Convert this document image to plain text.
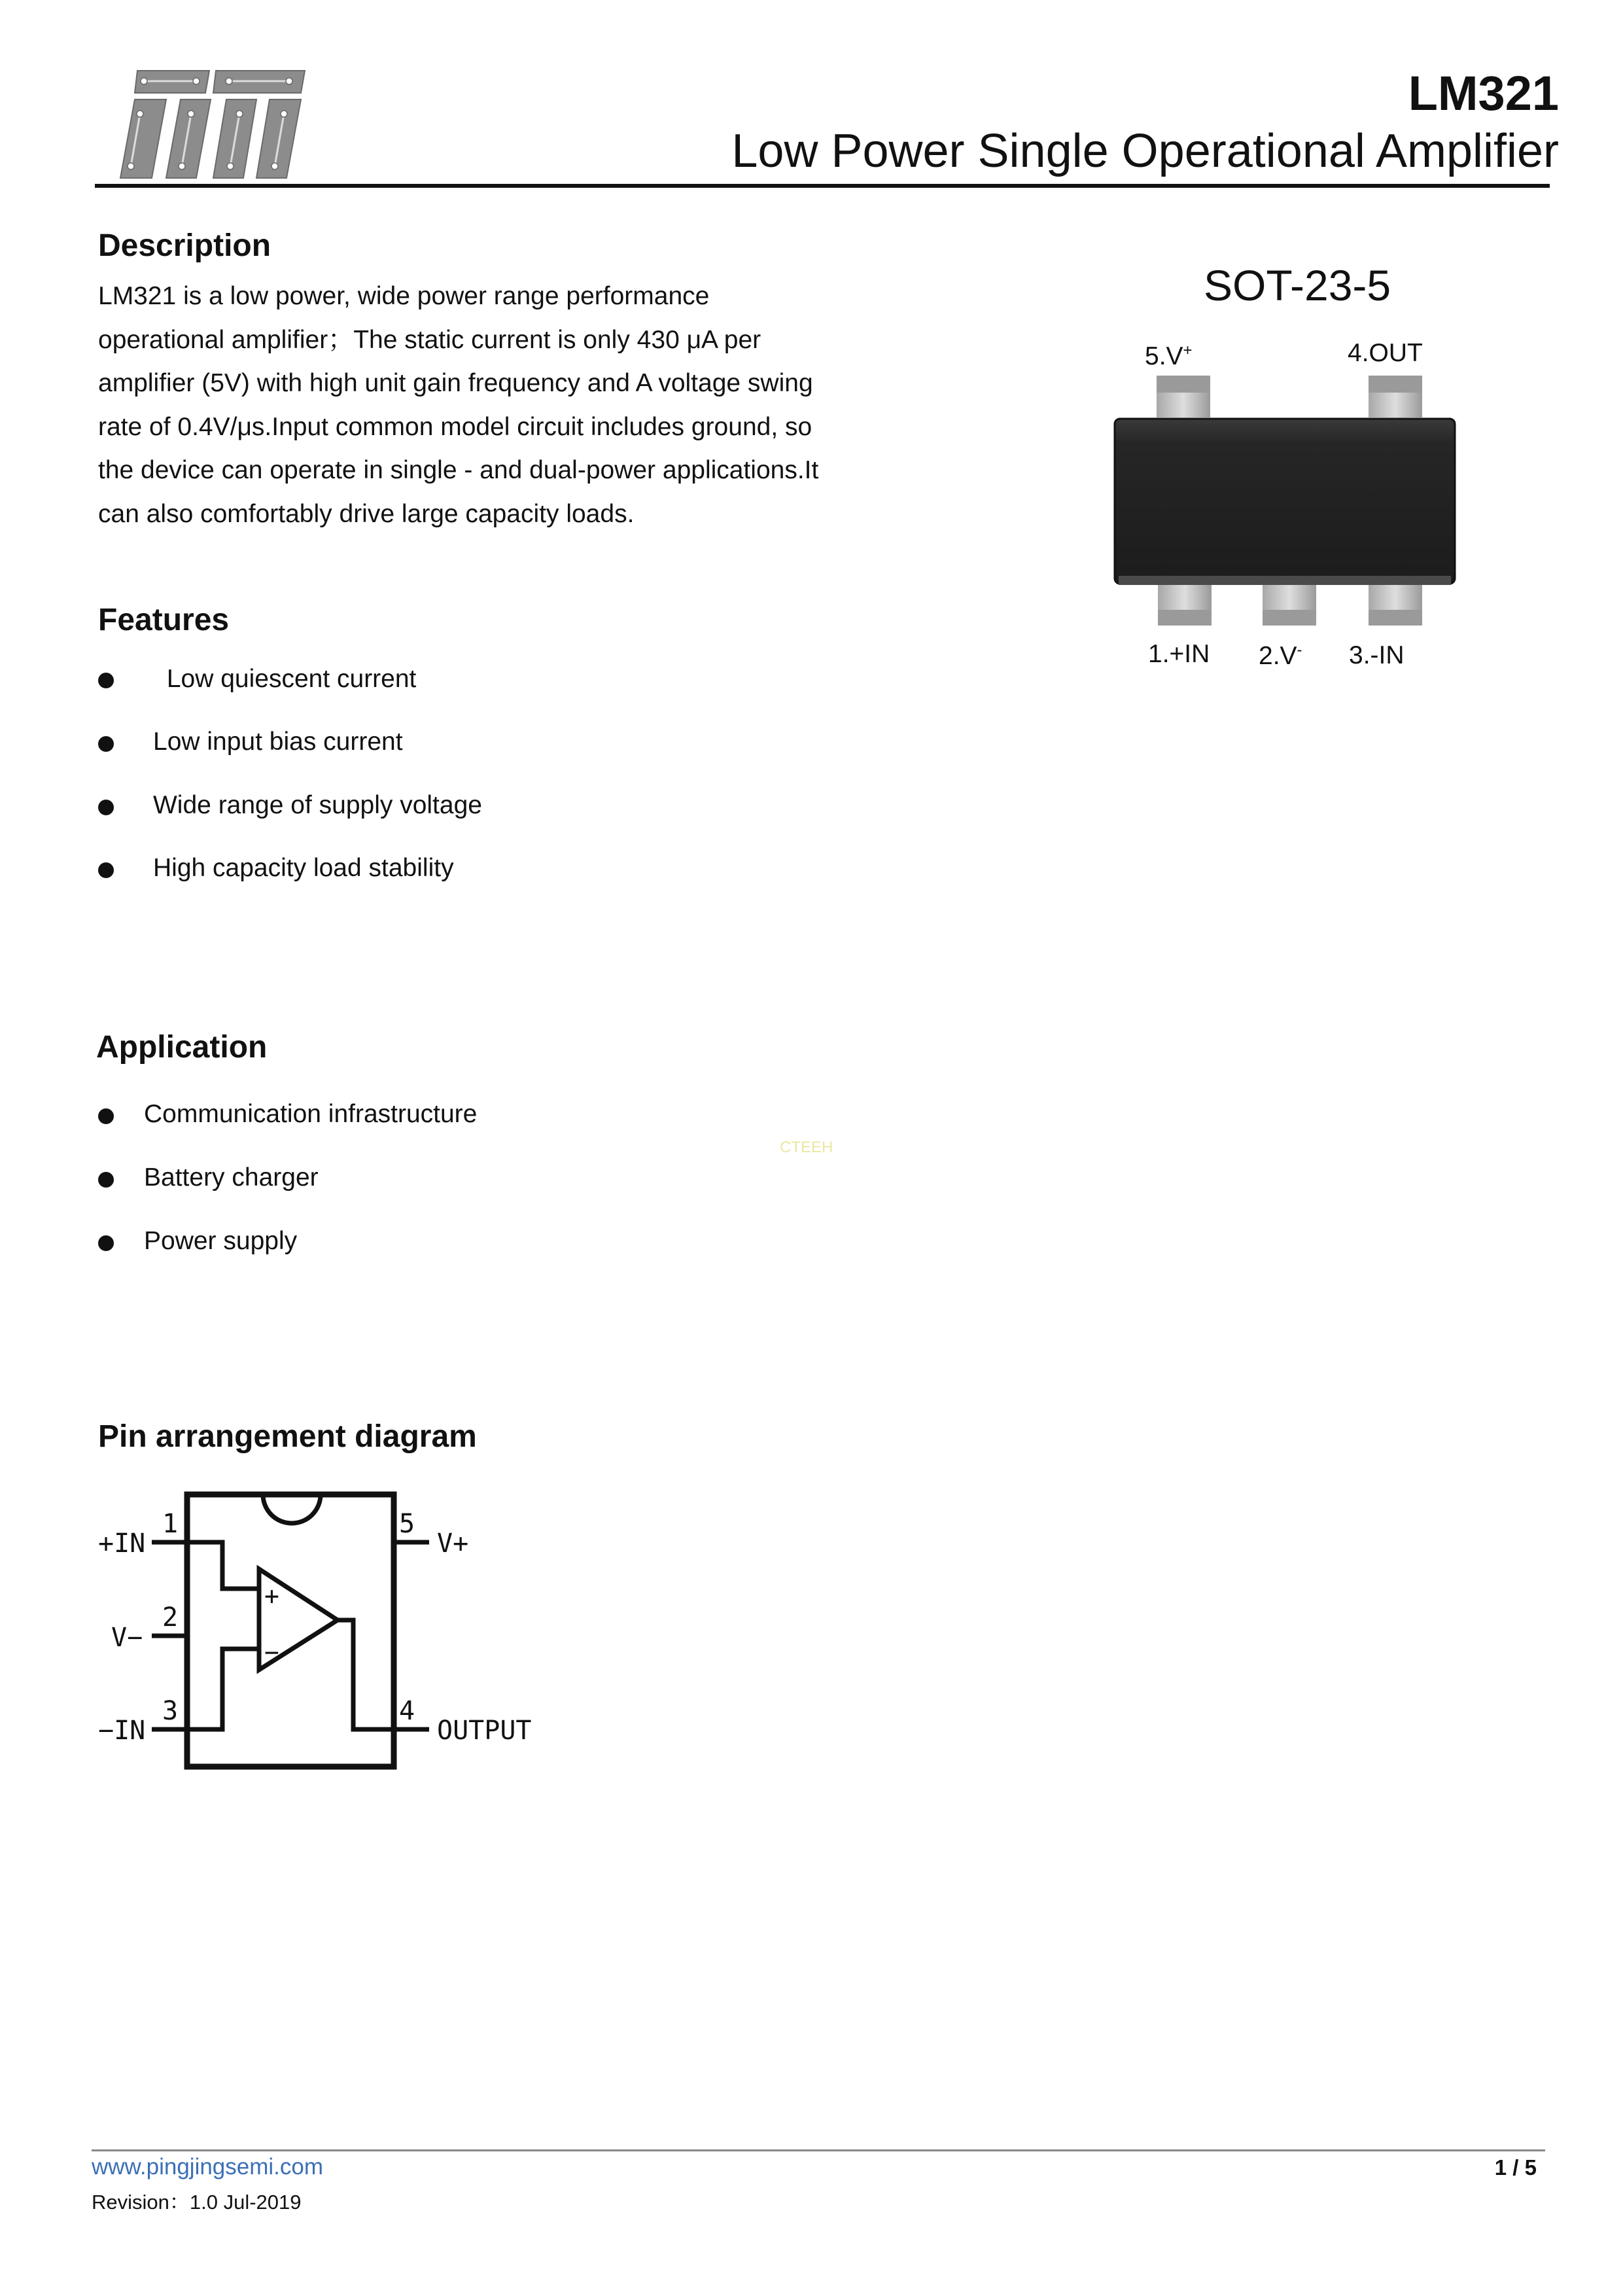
LM321
Low Power Single Operational Amplifier
Description
LM321 is a low power, wide power range performance
operational amplifier；The static current is only 430 μA per
amplifier (5V) with high unit gain frequency and A voltage swing
rate of 0.4V/μs.Input common model circuit includes ground, so
the device can operate in single - and dual-power applications.It
can also comfortably drive large capacity loads.
Features
Low quiescent current
Low input bias current
Wide range of supply voltage
High capacity load stability
Application
Communication infrastructure
Battery charger
Power supply
CTEEH
SOT-23-5
5.V+	4.OUT
1.+IN 2.V- 3.-IN
Pin arrangement diagram
+
−
1
2
3	4
5
+IN
V−
−IN	OUTPUT
V+
www.pingjingsemi.com
Revision：1.0 Jul-2019
1 / 5
